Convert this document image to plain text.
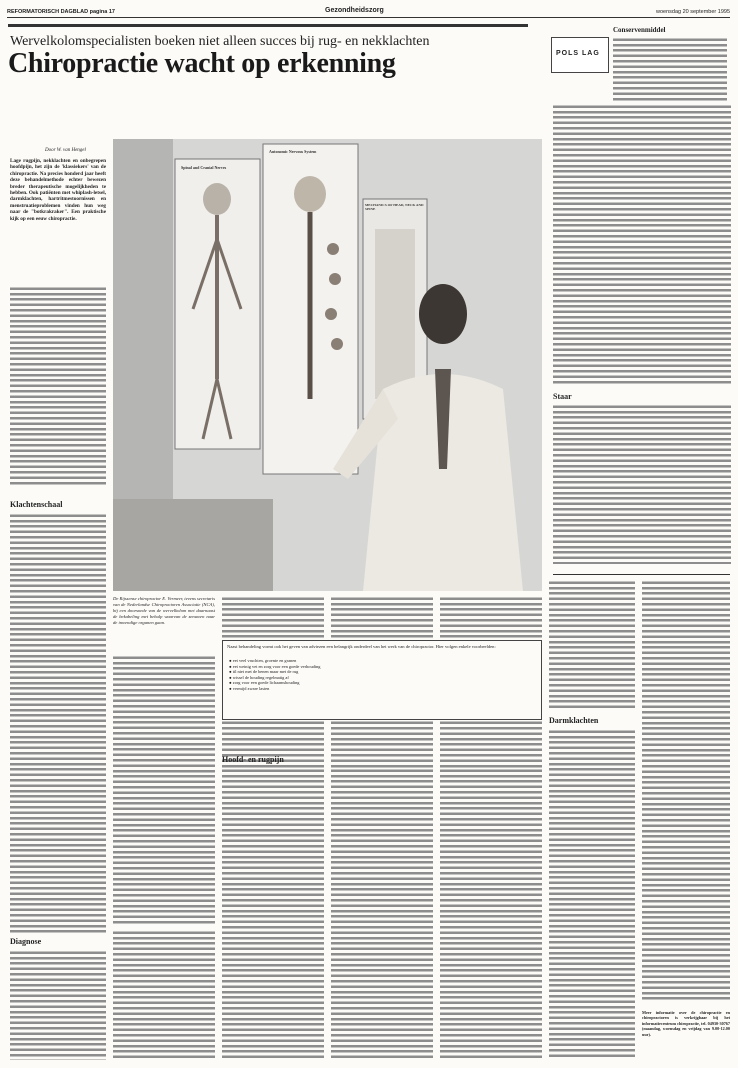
REFORMATORISCH DAGBLAD pagina 17	Gezondheidszorg	woensdag 20 september 1995
Wervelkolomspecialisten boeken niet alleen succes bij rug- en nekklachten
Chiropractie wacht op erkenning
Door W. van Hengel
Lage rugpijn, nekklachten en onbegrepen hoofdpijn, het zijn de 'klassiekers' van de chiropractie. Na precies honderd jaar heeft deze behandelmethode echter bewezen breder therapeutische mogelijkheden te hebben. Ook patiënten met whiplash-letsel, darmklachten, hartritmestoornissen en menstruatieproblemen vinden hun weg naar de "botkrakraker". Een praktische kijk op een eeuw chiropractie.
Klachtenschaal
Diagnose
Spinal and Cranial Nerves
Autonomic Nervous System
MECHANICS OF HEAD, NECK AND SPINE
De Rijssense chiropractor E. Vermeer, tevens secretaris van de Nederlandse Chiropractoren Associatie (NCA), bij een doorsnede van de wervelkolom met daarnaast de bekabeling met behulp waarvan de zenuwen naar de inwendige organen gaan.
Naast behandeling vormt ook het geven van adviezen een belangrijk onderdeel van het werk van de chiropractor. Hier volgen enkele voorbeelden:
● eet veel vruchten, groente en granen
● eet weinig vet en zorg voor een goede verhouding
● til niet met de benen maar met de rug
● wissel de houding regelmatig af
● zorg voor een goede lichaamshouding
● vermijd zware lasten
Hoofd- en rugpijn
POLS LAG
Conservenmiddel
Staar
Darmklachten
Meer informatie over de chiropractie en chiropractoren is verkrijgbaar bij het informatiecentrum chiropractie, tel. 04930-30767 (maandag, woensdag en vrijdag van 9.00-12.00 uur).
